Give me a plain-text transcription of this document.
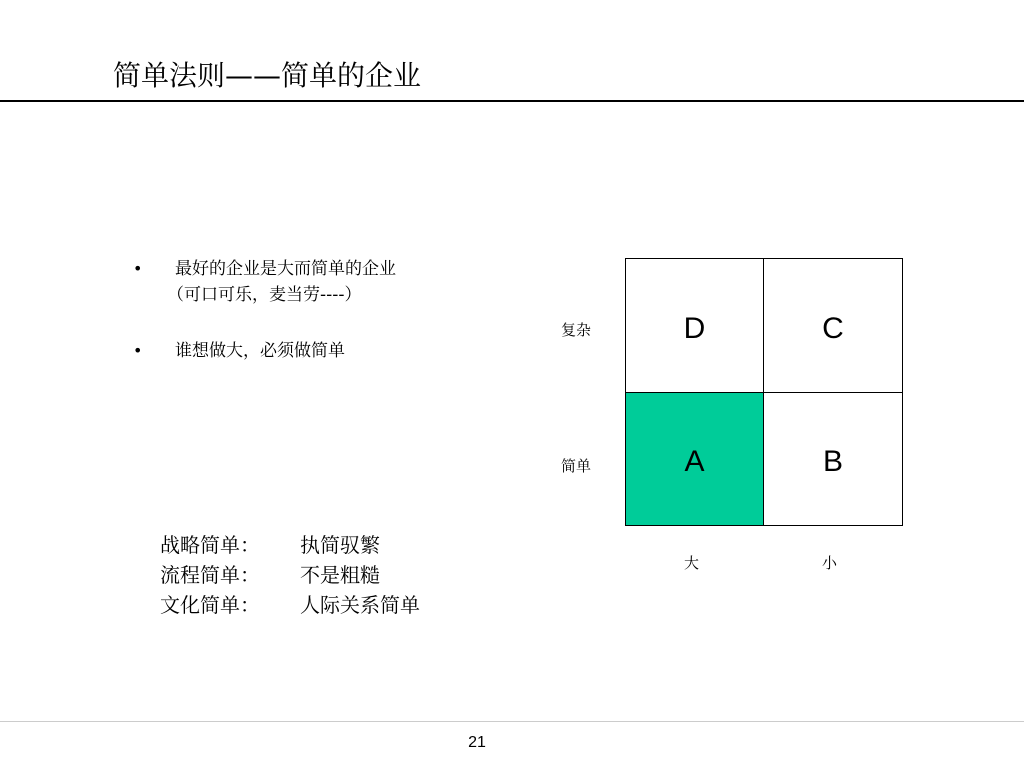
简单法则——简单的企业
• 最好的企业是大而简单的企业
（可口可乐，麦当劳----）
• 谁想做大，必须做简单
战略简单： 执简驭繁
流程简单： 不是粗糙
文化简单： 人际关系简单
复杂
简单
D	C
A	B
大	小
21
